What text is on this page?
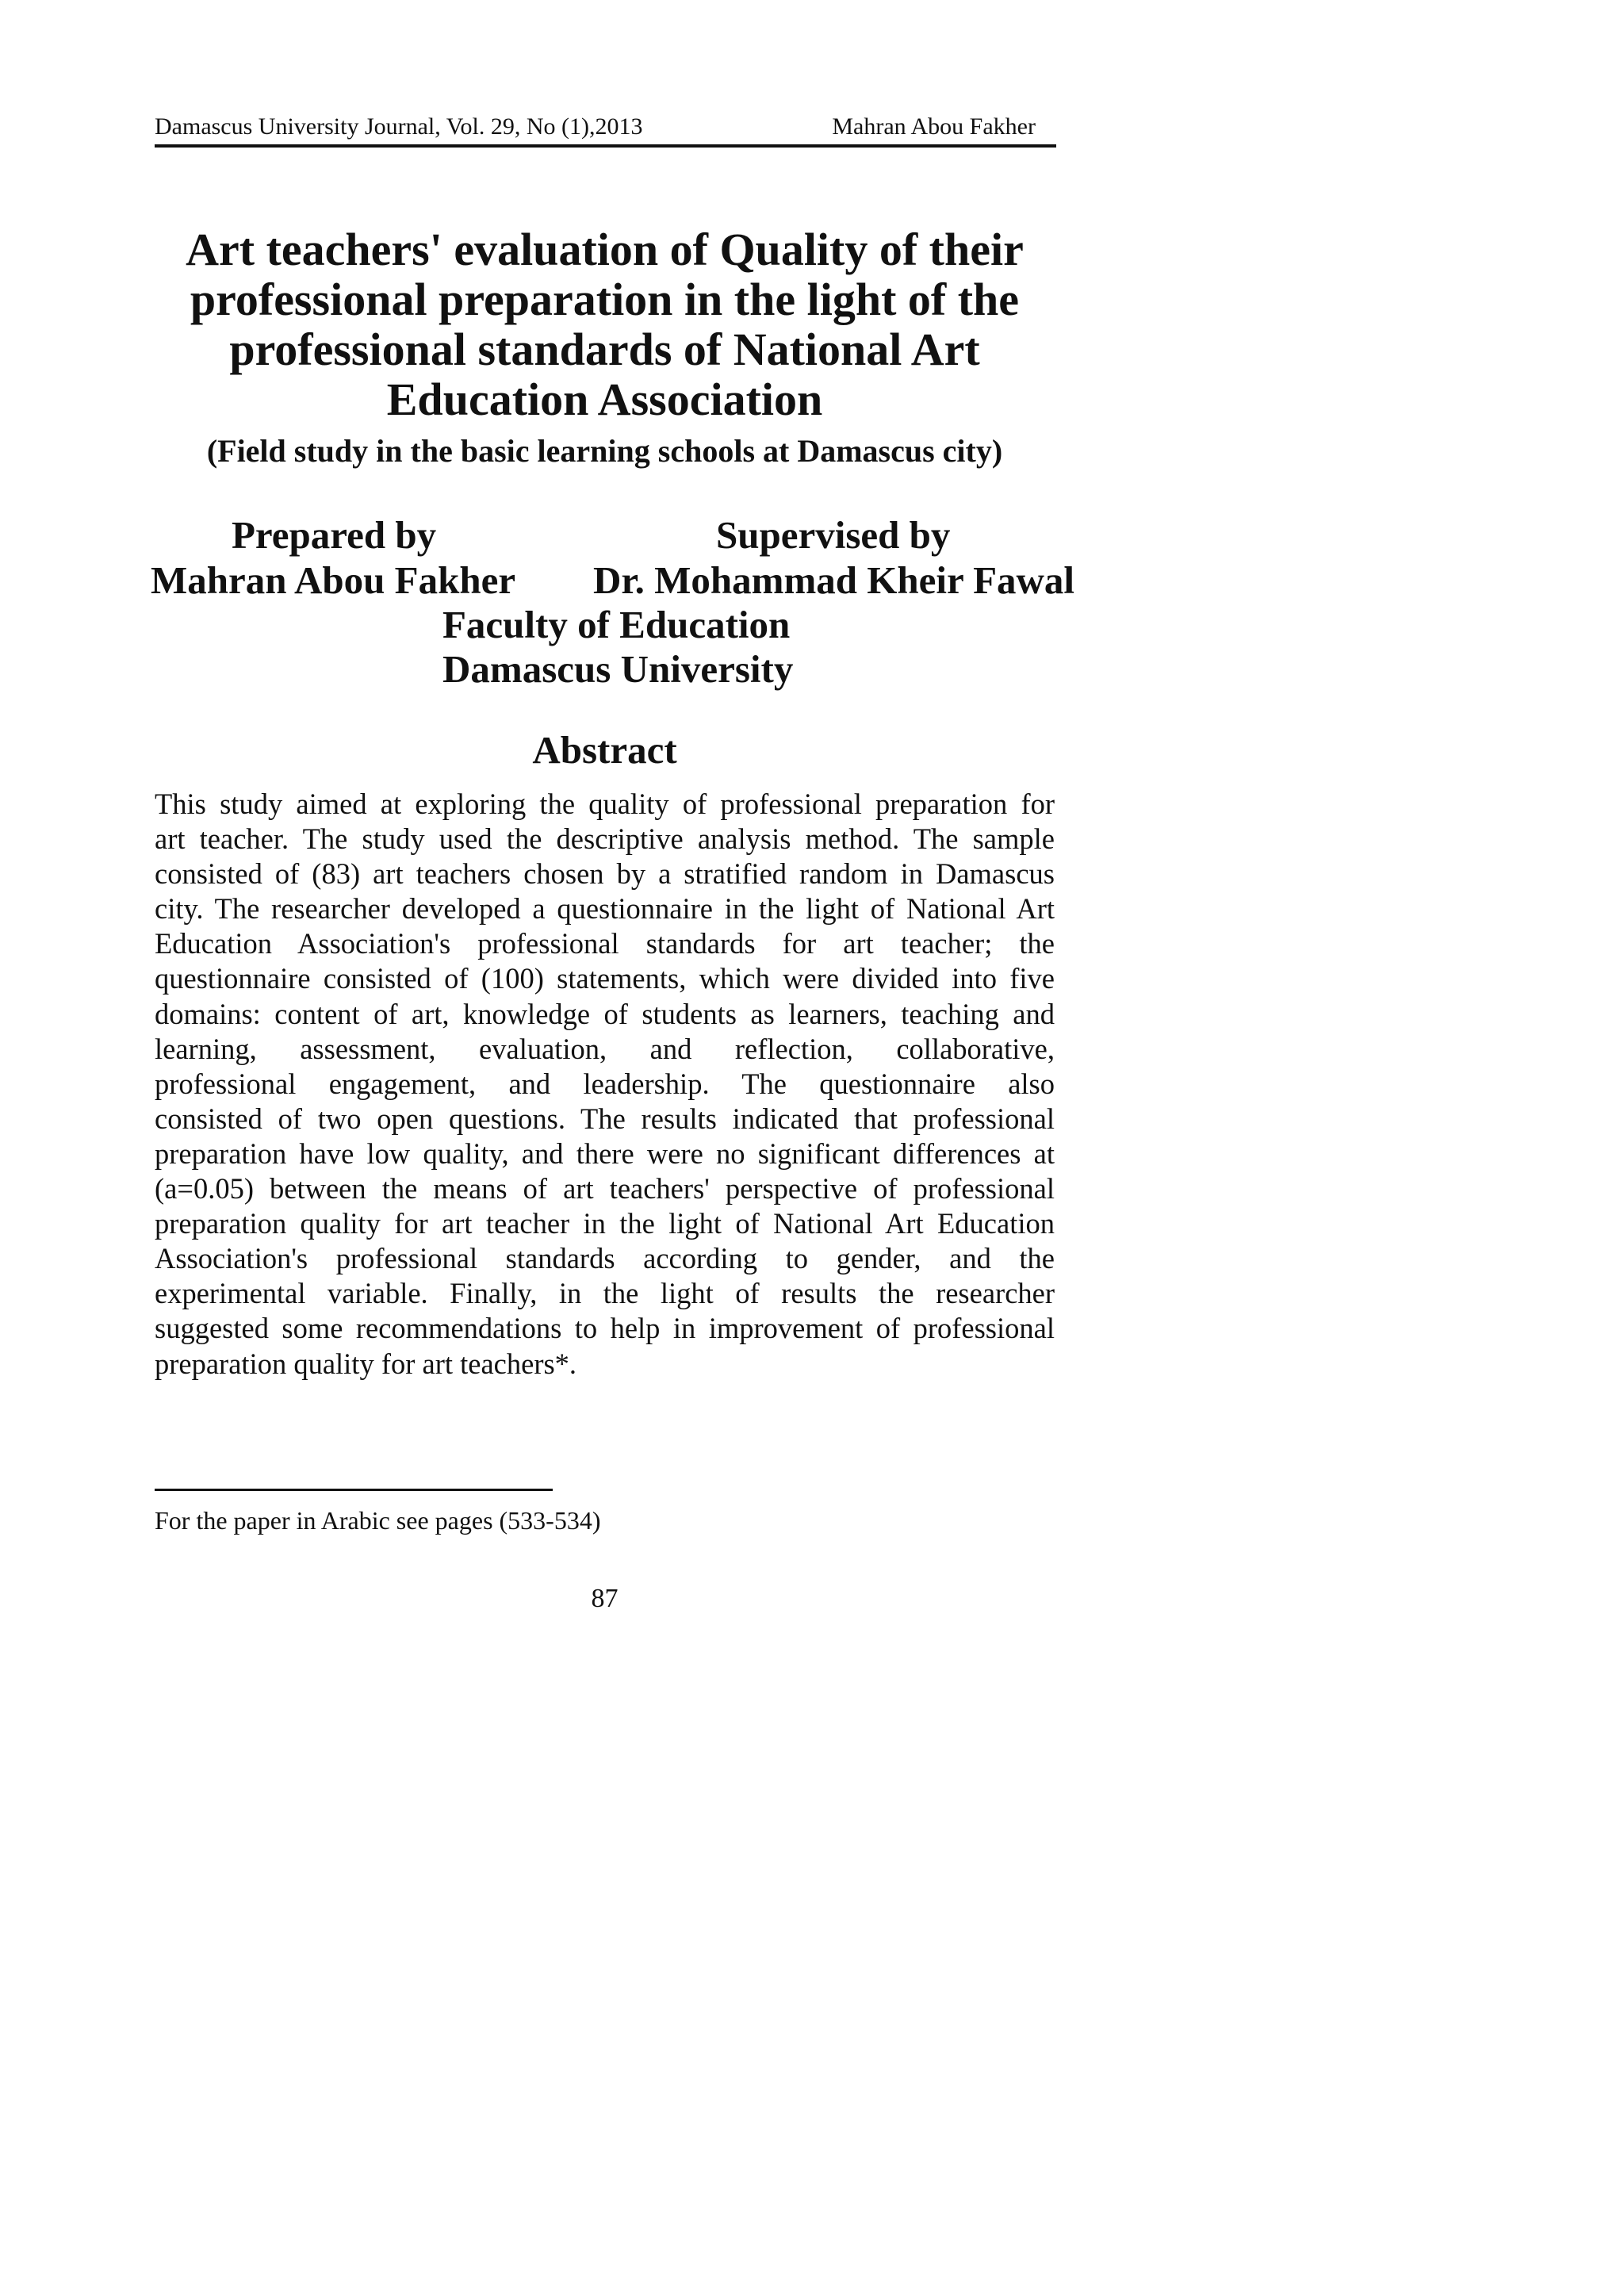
Damascus University Journal, Vol. 29, No (1),2013	Mahran Abou Fakher
Art teachers' evaluation of Quality of their
professional preparation in the light of the
professional standards of National Art
Education Association
(Field study in the basic learning schools at Damascus city)
Prepared by	Supervised by
Mahran Abou Fakher Dr. Mohammad Kheir Fawal
Faculty of Education
Damascus University
Abstract
This study aimed at exploring the quality of professional preparation for
art teacher. The study used the descriptive analysis method. The sample
consisted of (83) art teachers chosen by a stratified random in Damascus
city. The researcher developed a questionnaire in the light of National Art
Education Association's professional standards for art teacher; the
questionnaire consisted of (100) statements, which were divided into five
domains: content of art, knowledge of students as learners, teaching and
learning, assessment, evaluation, and reflection, collaborative,
professional engagement, and leadership. The questionnaire also
consisted of two open questions. The results indicated that professional
preparation have low quality, and there were no significant differences at
(a=0.05) between the means of art teachers' perspective of professional
preparation quality for art teacher in the light of National Art Education
Association's professional standards according to gender, and the
experimental variable. Finally, in the light of results the researcher
suggested some recommendations to help in improvement of professional
preparation quality for art teachers*.
For the paper in Arabic see pages (533-534)
87
